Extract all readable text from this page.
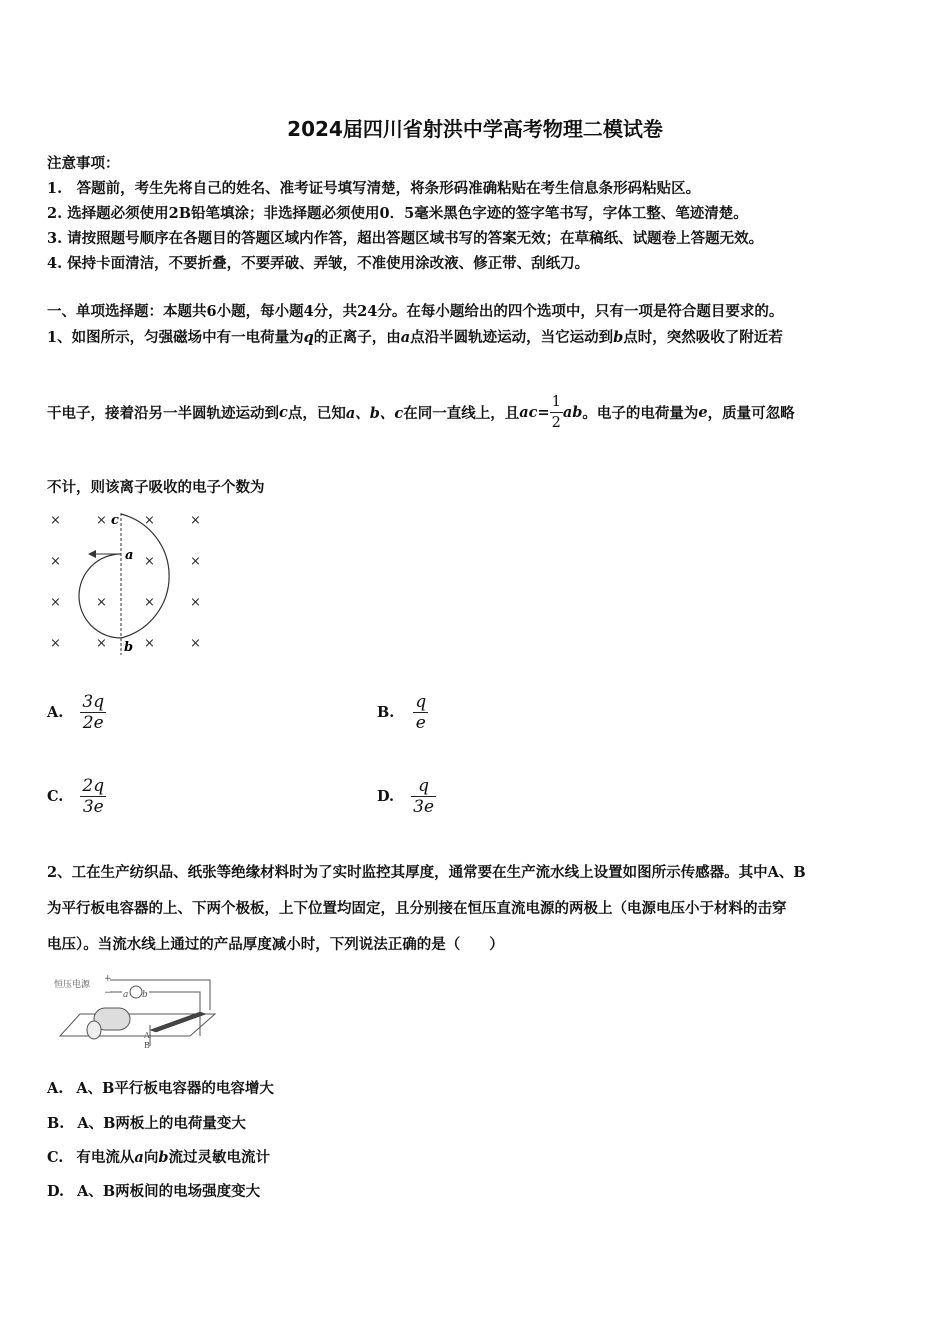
2024届四川省射洪中学高考物理二模试卷
注意事项：
1.　答题前，考生先将自己的姓名、准考证号填写清楚，将条形码准确粘贴在考生信息条形码粘贴区。
2. 选择题必须使用2B铅笔填涂；非选择题必须使用0．5毫米黑色字迹的签字笔书写，字体工整、笔迹清楚。
3. 请按照题号顺序在各题目的答题区域内作答，超出答题区域书写的答案无效；在草稿纸、试题卷上答题无效。
4. 保持卡面清洁，不要折叠，不要弄破、弄皱，不准使用涂改液、修正带、刮纸刀。
一、单项选择题：本题共6小题，每小题4分，共24分。在每小题给出的四个选项中，只有一项是符合题目要求的。
1、如图所示，匀强磁场中有一电荷量为q的正离子，由a点沿半圆轨迹运动，当它运动到b点时，突然吸收了附近若
干电子，接着沿另一半圆轨迹运动到c点，已知a、b、c在同一直线上，且$ac= \frac{1}{2}$ ab。电子的电荷量为e，质量可忽略
不计，则该离子吸收的电子个数为
×	×	×	×
×	×	×
×	×	×	×
×	×	×	×
a
b
c
A. $\frac{3q}{2e}$	B. $\frac{q}{e}$
C. $\frac{2q}{3e}$	D. $\frac{q}{3e}$
2、工在生产纺织品、纸张等绝缘材料时为了实时监控其厚度，通常要在生产流水线上设置如图所示传感器。其中A、B
为平行板电容器的上、下两个极板，上下位置均固定，且分别接在恒压直流电源的两极上（电源电压小于材料的击穿
电压）。当流水线上通过的产品厚度减小时，下列说法正确的是（　　）
恒压电源
+
− a b
A
B
A. A、B平行板电容器的电容增大
B. A、B两板上的电荷量变大
C. 有电流从a向b流过灵敏电流计
D. A、B两板间的电场强度变大
